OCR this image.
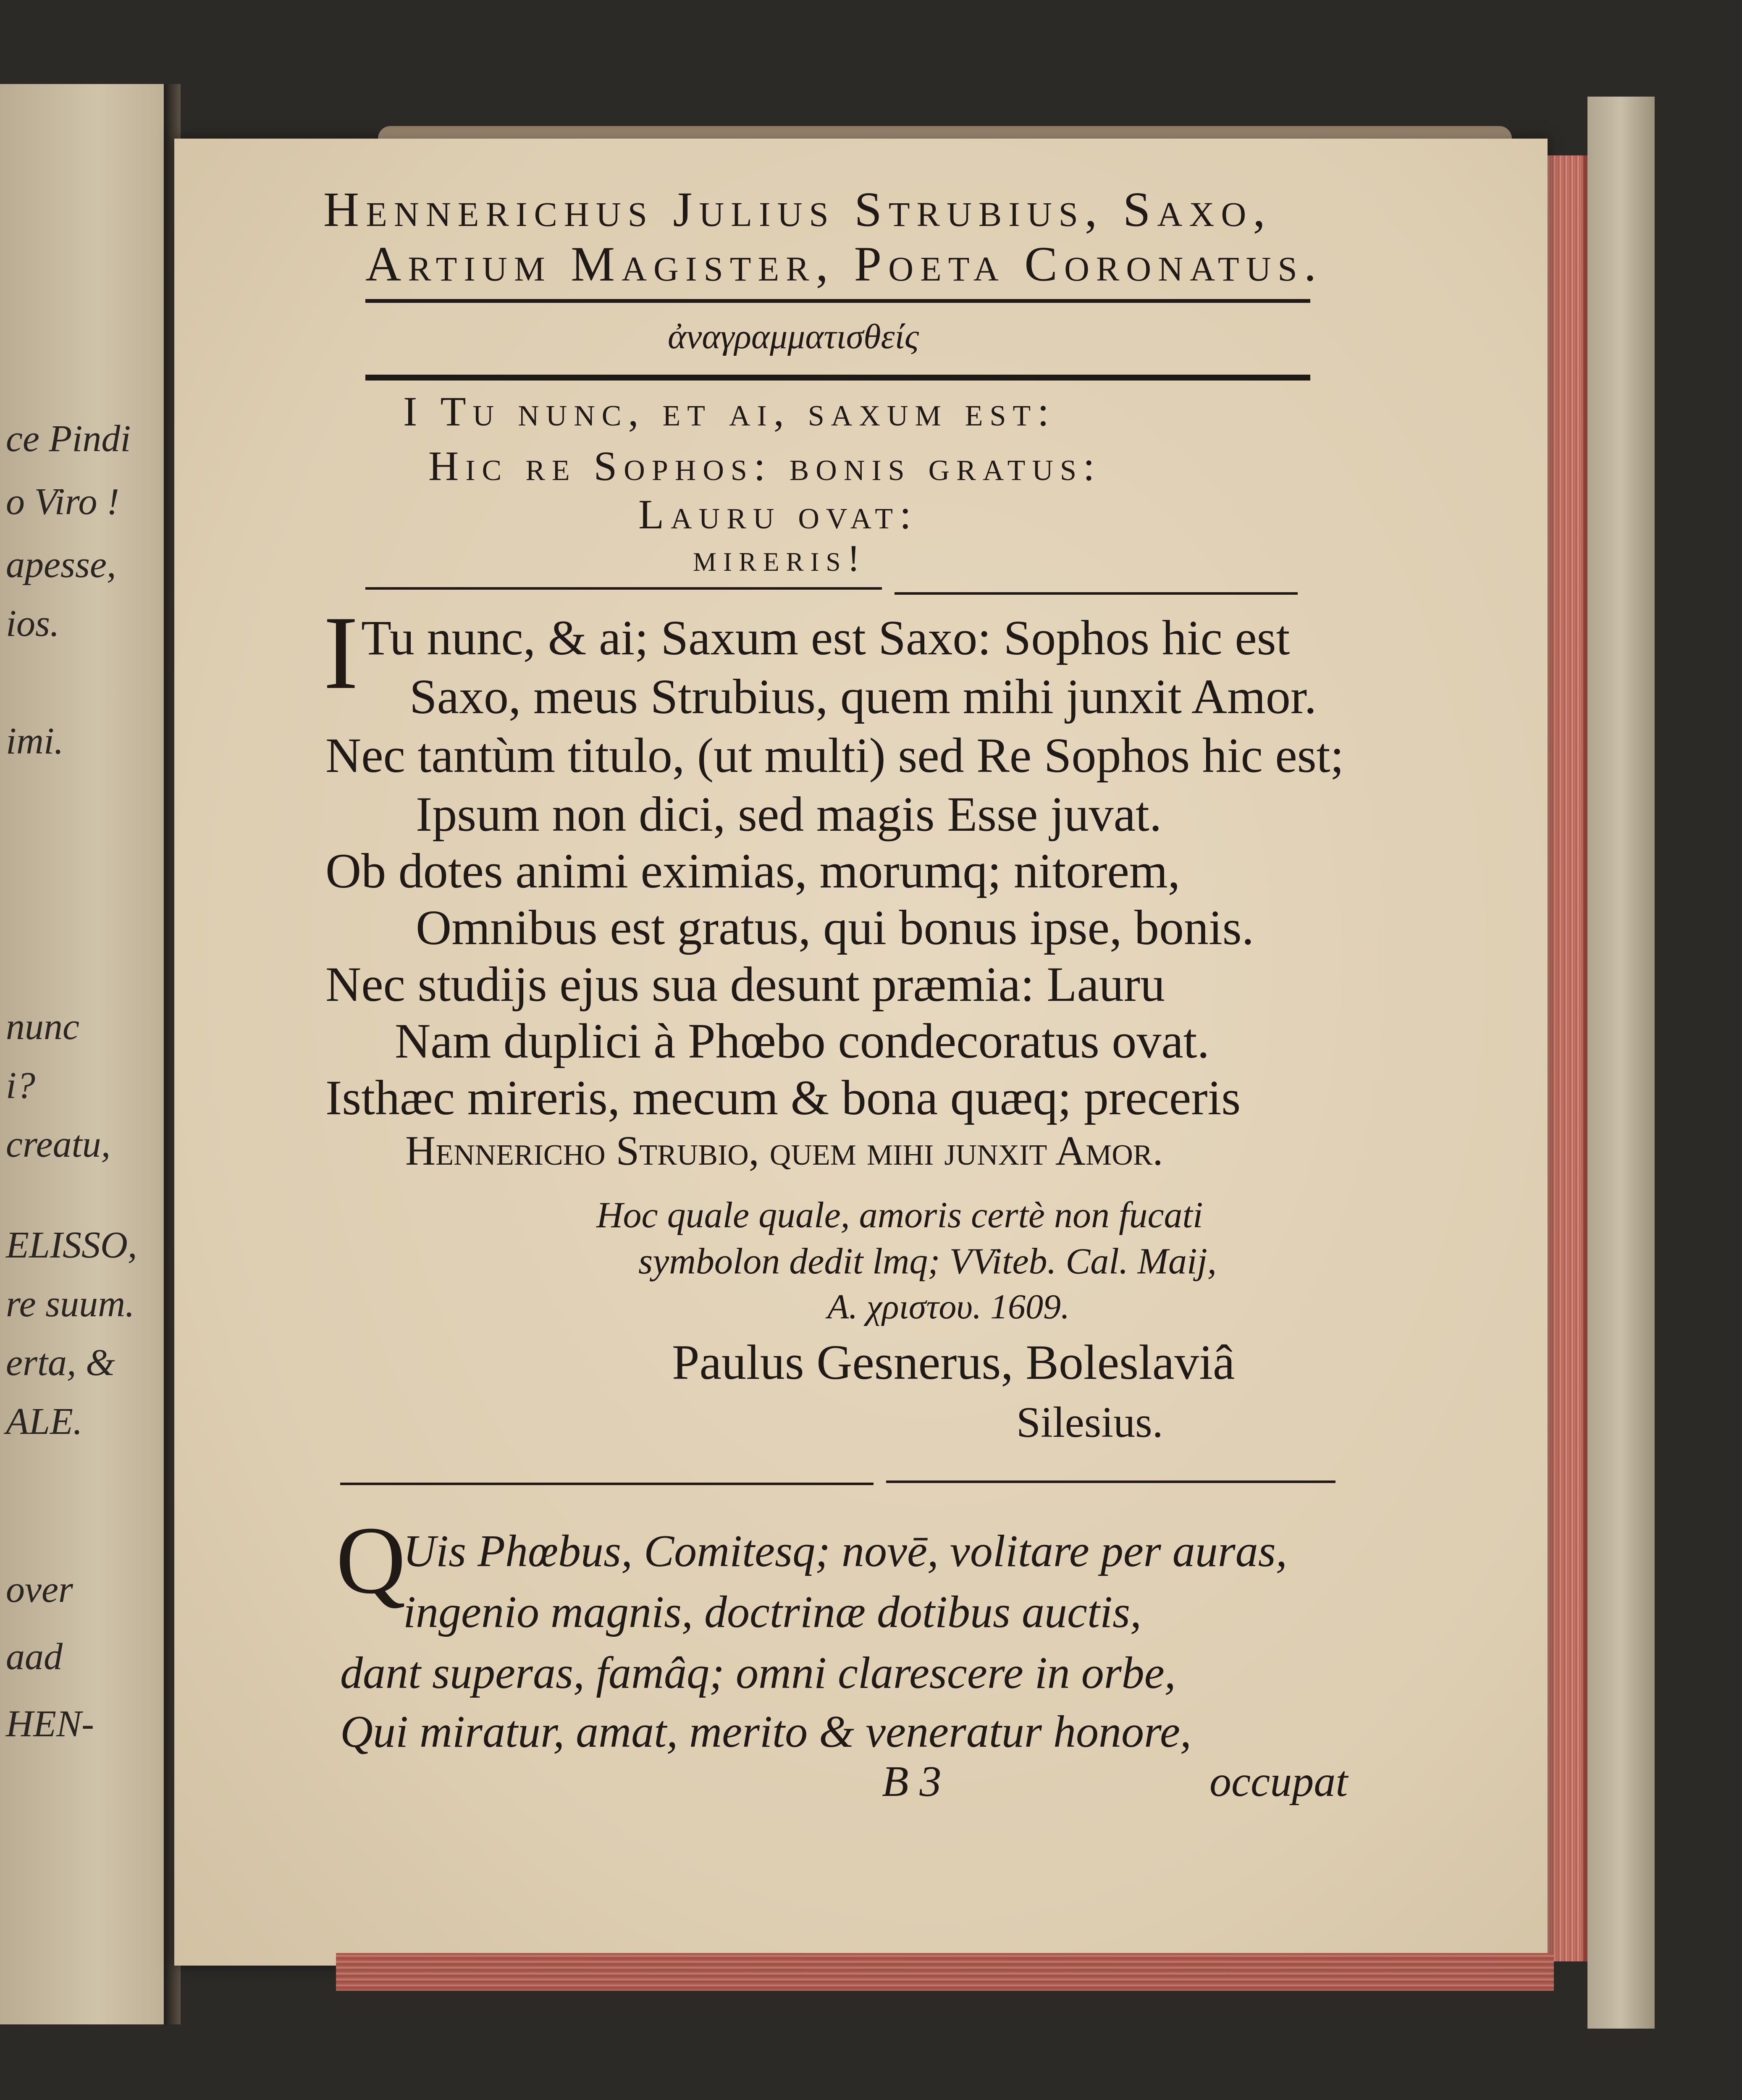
ce Pindi
o Viro !
apesse,
ios.
imi.
nunc
i?
creatu,
ELISSO,
re suum.
erta, &
ALE.
over
aad
HEN-
Hennerichus Julius Strubius, Saxo,
Artium Magister, Poeta Coronatus.
ἀναγραμματισθείς
I Tu nunc, et ai, saxum est:
Hic re Sophos: bonis gratus:
Lauru ovat:
mireris!
I Tu nunc, & ai; Saxum est Saxo: Sophos hic est
Saxo, meus Strubius, quem mihi junxit Amor.
Nec tantùm titulo, (ut multi) sed Re Sophos hic est;
Ipsum non dici, sed magis Esse juvat.
Ob dotes animi eximias, morumq; nitorem,
Omnibus est gratus, qui bonus ipse, bonis.
Nec studijs ejus sua desunt præmia: Lauru
Nam duplici à Phœbo condecoratus ovat.
Isthæc mireris, mecum & bona quæq; preceris
Hennericho Strubio, quem mihi junxit Amor.
Hoc quale quale, amoris certè non fucati
symbolon dedit lmq; VViteb. Cal. Maij,
A. χριστου. 1609.
Paulus Gesnerus, Boleslaviâ
Silesius.
Q
Uis Phœbus, Comitesq; novē, volitare per auras,
ingenio magnis, doctrinæ dotibus auctis,
dant superas, famâq; omni clarescere in orbe,
Qui miratur, amat, merito & veneratur honore,
B 3	occupat
